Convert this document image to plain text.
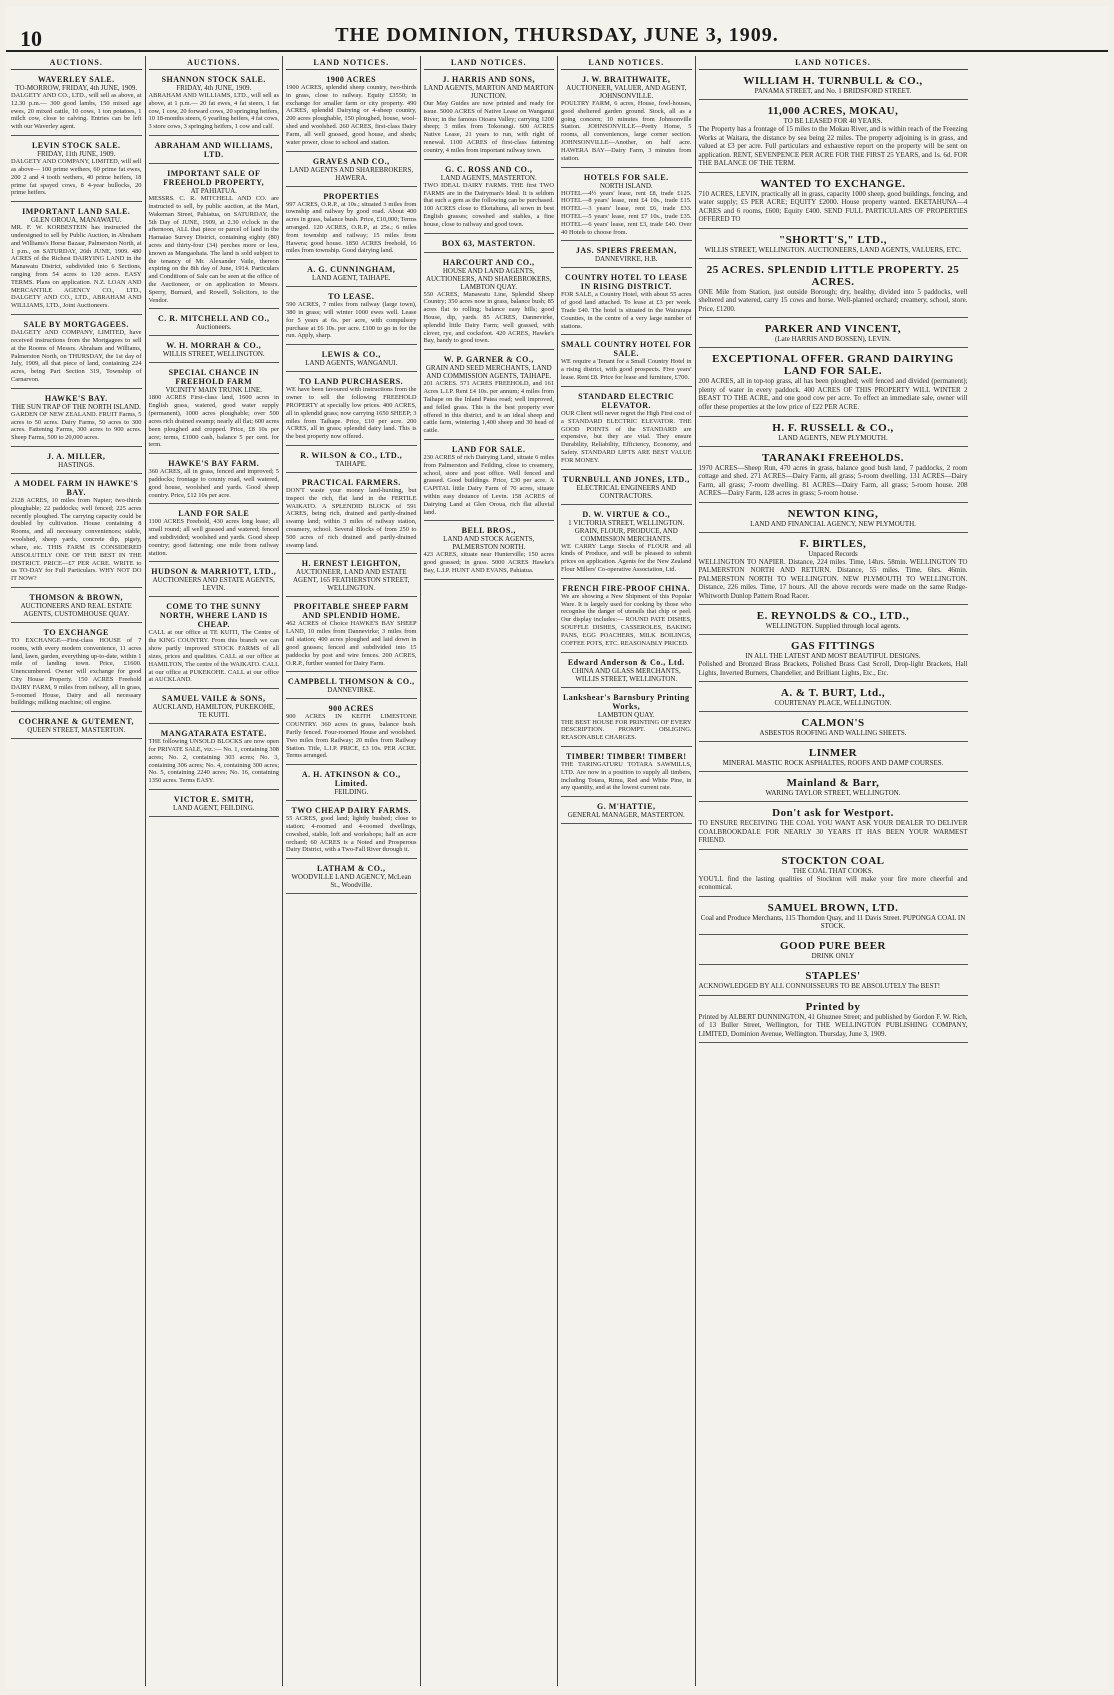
10	THE DOMINION, THURSDAY, JUNE 3, 1909.
AUCTIONS.
WAVERLEY SALE.
TO-MORROW, FRIDAY, 4th JUNE, 1909.
DALGETY AND CO., LTD., will sell as above, at 12.30 p.m.— 300 good lambs, 150 mixed age ewes, 20 mixed cattle, 10 cows, 1 ton potatoes, 1 milch cow, close to calving. Entries can be left with our Waverley agent.
LEVIN STOCK SALE.
FRIDAY, 11th JUNE, 1909.
DALGETY AND COMPANY, LIMITED, will sell as above— 100 prime wethers, 60 prime fat ewes, 200 2 and 4 tooth wethers, 40 prime heifers, 18 prime fat spayed cows, 8 4-year bullocks, 20 prime heifers.
IMPORTANT LAND SALE.
GLEN OROUA, MANAWATU.
MR. F. W. KORBESTEIN has instructed the undersigned to sell by Public Auction, in Abraham and Williams's Horse Bazaar, Palmerston North, at 1 p.m., on SATURDAY, 26th JUNE, 1909. 480 ACRES of the Richest DAIRYING LAND in the Manawatu District, subdivided into 6 Sections, ranging from 54 acres to 120 acres. EASY TERMS. Plans on application. N.Z. LOAN AND MERCANTILE AGENCY CO., LTD., DALGETY AND CO., LTD., ABRAHAM AND WILLIAMS, LTD., Joint Auctioneers.
SALE BY MORTGAGEES.
DALGETY AND COMPANY, LIMITED, have received instructions from the Mortgagees to sell at the Rooms of Messrs. Abraham and Williams, Palmerston North, on THURSDAY, the 1st day of July, 1909, all that piece of land, containing 224 acres, being Part Section 319, Township of Carnarvon.
HAWKE'S BAY.
THE SUN TRAP OF THE NORTH ISLAND.
GARDEN OF NEW ZEALAND. FRUIT Farms, 5 acres to 50 acres. Dairy Farms, 50 acres to 300 acres. Fattening Farms, 300 acres to 900 acres. Sheep Farms, 500 to 20,000 acres.
J. A. MILLER,
HASTINGS.
A MODEL FARM IN HAWKE'S BAY.
2128 ACRES, 10 miles from Napier; two-thirds ploughable; 22 paddocks; well fenced; 225 acres recently ploughed. The carrying capacity could be doubled by cultivation. House containing 8 Rooms, and all necessary conveniences; stable, woolshed, sheep yards, concrete dip, pigsty, whare, etc. THIS FARM IS CONSIDERED ABSOLUTELY ONE OF THE BEST IN THE DISTRICT. PRICE—£7 PER ACRE. WRITE to us TO-DAY for Full Particulars. WHY NOT DO IT NOW?
THOMSON & BROWN,
AUCTIONEERS AND REAL ESTATE AGENTS, CUSTOMHOUSE QUAY.
TO EXCHANGE
TO EXCHANGE—First-class HOUSE of 7 rooms, with every modern convenience, 11 acres land, lawn, garden, everything up-to-date, within 1 mile of landing town. Price, £1600. Unencumbered. Owner will exchange for good City House Property. 150 ACRES Freehold DAIRY FARM, 9 miles from railway, all in grass, 5-roomed House, Dairy and all necessary buildings; milking machine; oil engine.
COCHRANE & GUTEMENT,
QUEEN STREET, MASTERTON.
AUCTIONS.
SHANNON STOCK SALE.
FRIDAY, 4th JUNE, 1909.
ABRAHAM AND WILLIAMS, LTD., will sell as above, at 1 p.m.— 20 fat ewes, 4 fat steers, 1 fat cow, 1 cow, 20 forward cows, 20 springing heifers, 10 18-months steers, 6 yearling heifers, 4 fat cows, 3 store cows, 3 springing heifers, 1 cow and calf.
ABRAHAM AND WILLIAMS, LTD.
IMPORTANT SALE OF FREEHOLD PROPERTY,
AT PAHIATUA.
MESSRS. C. R. MITCHELL AND CO. are instructed to sell, by public auction, at the Mart, Wakeman Street, Pahiatua, on SATURDAY, the 5th Day of JUNE, 1909, at 2.30 o'clock in the afternoon, ALL that piece or parcel of land in the Hamaiao Survey District, containing eighty (80) acres and thirty-four (34) perches more or less, known as Mangaohaia. The land is sold subject to the tenancy of Mr. Alexander Vaile, thereon expiring on the 8th day of June, 1914. Particulars and Conditions of Sale can be seen at the office of the Auctioneer, or on application to Messrs. Sperry, Burnard, and Rowell, Solicitors, to the Vendor.
C. R. MITCHELL AND CO.,
Auctioneers.
W. H. MORRAH & CO.,
WILLIS STREET, WELLINGTON.
SPECIAL CHANCE IN FREEHOLD FARM
VICINITY MAIN TRUNK LINE.
1800 ACRES First-class land, 1600 acres in English grass, watered, good water supply (permanent), 1000 acres ploughable; over 500 acres rich drained swamp; nearly all flat; 600 acres been ploughed and cropped. Price, £8 10s per acre; terms, £1000 cash, balance 5 per cent. for term.
HAWKE'S BAY FARM.
360 ACRES, all in grass, fenced and improved; 5 paddocks; frontage to county road, well watered, good house, woolshed and yards. Good sheep country. Price, £12 10s per acre.
LAND FOR SALE
1100 ACRES Freehold, 430 acres long lease; all small round; all well grassed and watered; fenced and subdivided; woolshed and yards. Good sheep country; good fattening; one mile from railway station.
HUDSON & MARRIOTT, LTD.,
AUCTIONEERS AND ESTATE AGENTS, LEVIN.
COME TO THE SUNNY NORTH, WHERE LAND IS CHEAP.
CALL at our office at TE KUITI, The Centre of the KING COUNTRY. From this branch we can show partly improved STOCK FARMS of all sizes, prices and qualities. CALL at our office at HAMILTON, The centre of the WAIKATO. CALL at our office at PUKEKOHE. CALL at our office at AUCKLAND.
SAMUEL VAILE & SONS,
AUCKLAND, HAMILTON, PUKEKOHE, TE KUITI.
MANGATARATA ESTATE.
THE following UNSOLD BLOCKS are now open for PRIVATE SALE, viz.:— No. 1, containing 308 acres; No. 2, containing 303 acres; No. 3, containing 306 acres; No. 4, containing 300 acres; No. 5, containing 2240 acres; No. 16, containing 1350 acres. Terms EASY.
VICTOR E. SMITH,
LAND AGENT, FEILDING.
LAND NOTICES.
1900 ACRES
1900 ACRES, splendid sheep country, two-thirds in grass, close to railway. Equity £3550; in exchange for smaller farm or city property. 490 ACRES, splendid Dairying or 4-sheep country, 200 acres ploughable, 150 ploughed, house, wool-shed and woolshed. 260 ACRES, first-class Dairy Farm, all well grassed, good house, and sheds; water power, close to school and station.
GRAVES AND CO.,
LAND AGENTS AND SHAREBROKERS, HAWERA.
PROPERTIES
997 ACRES, O.R.P., at 10s.; situated 3 miles from township and railway by good road. About 400 acres in grass, balance bush. Price, £10,000; Terms arranged. 120 ACRES, O.R.P., at 25s.; 6 miles from township and railway; 15 miles from Hawera; good house. 1850 ACRES freehold, 16 miles from township. Good dairying land.
A. G. CUNNINGHAM,
LAND AGENT, TAIHAPE.
TO LEASE.
590 ACRES, 7 miles from railway (large town), 380 in grass; will winter 1000 ewes well. Lease for 5 years at 6s. per acre, with compulsory purchase at £6 10s. per acre. £100 to go in for the run. Apply, sharp.
LEWIS & CO.,
LAND AGENTS, WANGANUI.
TO LAND PURCHASERS.
WE have been favoured with instructions from the owner to sell the following FREEHOLD PROPERTY at specially low prices. 400 ACRES, all in splendid grass; now carrying 1650 SHEEP; 3 miles from Taihape. Price, £10 per acre. 200 ACRES, all in grass; splendid dairy land. This is the best property now offered.
R. WILSON & CO., LTD.,
TAIHAPE.
PRACTICAL FARMERS.
DON'T waste your money land-hunting, but inspect the rich, flat land in the FERTILE WAIKATO. A SPLENDID BLOCK of 591 ACRES, being rich, drained and partly-drained swamp land; within 3 miles of railway station, creamery, school. Several Blocks of from 250 to 500 acres of rich drained and partly-drained swamp land.
H. ERNEST LEIGHTON,
AUCTIONEER, LAND AND ESTATE AGENT, 165 FEATHERSTON STREET, WELLINGTON.
PROFITABLE SHEEP FARM AND SPLENDID HOME.
462 ACRES of Choice HAWKE'S BAY SHEEP LAND, 10 miles from Dannevirke; 3 miles from rail station; 400 acres ploughed and laid down in good grasses; fenced and subdivided into 15 paddocks by post and wire fences. 200 ACRES, O.R.P., further wanted for Dairy Farm.
CAMPBELL THOMSON & CO.,
DANNEVIRKE.
900 ACRES
900 ACRES IN KEITH LIMESTONE COUNTRY. 360 acres in grass, balance bush. Partly fenced. Four-roomed House and woolshed. Two miles from Railway; 20 miles from Railway Station. Title, L.I.P. PRICE, £3 10s. PER ACRE. Terms arranged.
A. H. ATKINSON & CO., Limited.
FEILDING.
TWO CHEAP DAIRY FARMS.
55 ACRES, good land; lightly bushed; close to station; 4-roomed and 4-roomed dwellings, cowshed, stable, loft and workshops; half an acre orchard; 60 ACRES is a Noted and Prosperous Dairy District, with a Two-Fall River through it.
LATHAM & CO.,
WOODVILLE LAND AGENCY, McLean St., Woodville.
LAND NOTICES.
J. HARRIS AND SONS,
LAND AGENTS, MARTON AND MARTON JUNCTION.
Our May Guides are now printed and ready for issue. 5000 ACRES of Native Lease on Wanganui River; in the famous Otoara Valley; carrying 1200 sheep; 3 miles from Tokorangi. 600 ACRES Native Lease, 21 years to run, with right of renewal. 1100 ACRES of first-class fattening country, 4 miles from important railway town.
G. C. ROSS AND CO.,
LAND AGENTS, MASTERTON.
TWO IDEAL DAIRY FARMS. THE first TWO FARMS are in the Dairyman's Ideal. It is seldom that such a gem as the following can be purchased. 100 ACRES close to Eketahuna, all sown in best English grasses; cowshed and stables, a fine house, close to railway and good town.
BOX 63, MASTERTON.
HARCOURT AND CO.,
HOUSE AND LAND AGENTS, AUCTIONEERS, AND SHAREBROKERS, LAMBTON QUAY.
550 ACRES, Manawatu Line, Splendid Sheep Country; 350 acres now in grass, balance bush; 85 acres flat to rolling; balance easy hills; good House, dip, yards. 85 ACRES, Dannevirke, splendid little Dairy Farm; well grassed, with clover, rye, and cocksfoot. 420 ACRES, Hawke's Bay, handy to good town.
W. P. GARNER & CO.,
GRAIN AND SEED MERCHANTS, LAND AND COMMISSION AGENTS, TAIHAPE.
201 ACRES. 571 ACRES FREEHOLD, and 161 Acres L.I.P. Rent £4 10s. per annum; 4 miles from Taihape on the Inland Patea road; well improved, and felled grass. This is the best property ever offered in this district, and is an ideal sheep and cattle farm, wintering 1,400 sheep and 30 head of cattle.
LAND FOR SALE.
230 ACRES of rich Dairying Land, situate 6 miles from Palmerston and Feilding, close to creamery, school, store and post office. Well fenced and grassed. Good buildings. Price, £30 per acre. A CAPITAL little Dairy Farm of 70 acres, situate within easy distance of Levin. 158 ACRES of Dairying Land at Glen Oroua, rich flat alluvial land.
BELL BROS.,
LAND AND STOCK AGENTS, PALMERSTON NORTH.
423 ACRES, situate near Hunterville; 150 acres good grassed; in grass. 5000 ACRES Hawke's Bay, L.I.P. HUNT AND EVANS, Pahiatua.
LAND NOTICES.
J. W. BRAITHWAITE,
AUCTIONEER, VALUER, AND AGENT, JOHNSONVILLE.
POULTRY FARM, 6 acres, House, fowl-houses, good sheltered garden ground. Stock, all as a going concern; 10 minutes from Johnsonville Station. JOHNSONVILLE—Pretty Home, 5 rooms, all conveniences, large corner section. JOHNSONVILLE—Another, on half acre. HAWERA BAY—Dairy Farm, 3 minutes from station.
HOTELS FOR SALE.
NORTH ISLAND.
HOTEL—4½ years' lease, rent £8, trade £125. HOTEL—8 years' lease, rent £4 10s., trade £15. HOTEL—3 years' lease, rent £6, trade £33. HOTEL—5 years' lease, rent £7 10s., trade £35. HOTEL—6 years' lease, rent £3, trade £40. Over 40 Hotels to choose from.
JAS. SPIERS FREEMAN,
DANNEVIRKE, H.B.
COUNTRY HOTEL TO LEASE IN RISING DISTRICT.
FOR SALE, a Country Hotel, with about 55 acres of good land attached. To lease at £3 per week. Trade £40. The hotel is situated in the Wairarapa Counties, in the centre of a very large number of stations.
SMALL COUNTRY HOTEL FOR SALE.
WE require a Tenant for a Small Country Hotel in a rising district, with good prospects. Five years' lease. Rent £8. Price for lease and furniture, £700.
STANDARD ELECTRIC ELEVATOR.
OUR Client will never regret the High First cost of a STANDARD ELECTRIC ELEVATOR. THE GOOD POINTS of the STANDARD are expensive, but they are vital. They ensure Durability, Reliability, Efficiency, Economy, and Safety. STANDARD LIFTS ARE BEST VALUE FOR MONEY.
TURNBULL AND JONES, LTD.,
ELECTRICAL ENGINEERS AND CONTRACTORS.
D. W. VIRTUE & CO.,
1 VICTORIA STREET, WELLINGTON. GRAIN, FLOUR, PRODUCE, AND COMMISSION MERCHANTS.
WE CARRY Large Stocks of FLOUR and all kinds of Produce, and will be pleased to submit prices on application. Agents for the New Zealand Flour Millers' Co-operative Association, Ltd.
FRENCH FIRE-PROOF CHINA.
We are showing a New Shipment of this Popular Ware. It is largely used for cooking by those who recognise the danger of utensils that chip or peel. Our display includes:— ROUND PATE DISHES, SOUFFLE DISHES, CASSEROLES, BAKING PANS, EGG POACHERS, MILK BOILINGS, COFFEE POTS, ETC. REASONABLY PRICED.
Edward Anderson & Co., Ltd.
CHINA AND GLASS MERCHANTS, WILLIS STREET, WELLINGTON.
Lankshear's Barnsbury Printing Works,
LAMBTON QUAY.
THE BEST HOUSE FOR PRINTING OF EVERY DESCRIPTION. PROMPT. OBLIGING. REASONABLE CHARGES.
TIMBER! TIMBER! TIMBER!
THE TARINGATURU TOTARA SAWMILLS, LTD. Are now in a position to supply all timbers, including Totara, Rimu, Red and White Pine, in any quantity, and at the lowest current rate.
G. M'HATTIE,
GENERAL MANAGER, MASTERTON.
LAND NOTICES.
WILLIAM H. TURNBULL & CO.,
PANAMA STREET, and No. 1 BRIDSFORD STREET.
11,000 ACRES, MOKAU,
TO BE LEASED FOR 40 YEARS.
The Property has a frontage of 15 miles to the Mokau River, and is within reach of the Freezing Works at Waitara, the distance by sea being 22 miles. The property adjoining is in grass, and valued at £3 per acre. Full particulars and exhaustive report on the property will be sent on application. RENT, SEVENPENCE PER ACRE FOR THE FIRST 25 YEARS, and 1s. 6d. FOR THE BALANCE OF THE TERM.
WANTED TO EXCHANGE.
710 ACRES, LEVIN, practically all in grass, capacity 1000 sheep, good buildings, fencing, and water supply; £5 PER ACRE; EQUITY £2000. House property wanted. EKETAHUNA—4 ACRES and 6 rooms, £600; Equity £400. SEND FULL PARTICULARS OF PROPERTIES OFFERED TO
"SHORTT'S," LTD.,
WILLIS STREET, WELLINGTON. AUCTIONEERS, LAND AGENTS, VALUERS, ETC.
25 ACRES. SPLENDID LITTLE PROPERTY. 25 ACRES.
ONE Mile from Station, just outside Borough; dry, healthy, divided into 5 paddocks, well sheltered and watered, carry 15 cows and horse. Well-planted orchard; creamery, school, store. Price, £1200.
PARKER AND VINCENT,
(Late HARRIS AND BOSSEN), LEVIN.
EXCEPTIONAL OFFER. GRAND DAIRYING LAND FOR SALE.
200 ACRES, all in top-top grass, all has been ploughed; well fenced and divided (permanent); plenty of water in every paddock. 400 ACRES OF THIS PROPERTY WILL WINTER 2 BEAST TO THE ACRE, and one good cow per acre. To effect an immediate sale, owner will offer these properties at the low price of £22 PER ACRE.
H. F. RUSSELL & CO.,
LAND AGENTS, NEW PLYMOUTH.
TARANAKI FREEHOLDS.
1970 ACRES—Sheep Run, 470 acres in grass, balance good bush land, 7 paddocks, 2 room cottage and shed. 271 ACRES—Dairy Farm, all grass; 5-room dwelling. 131 ACRES—Dairy Farm, all grass; 7-room dwelling. 81 ACRES—Dairy Farm, all grass; 5-room house. 208 ACRES—Dairy Farm, 128 acres in grass; 5-room house.
NEWTON KING,
LAND AND FINANCIAL AGENCY, NEW PLYMOUTH.
F. BIRTLES,
Unpaced Records
WELLINGTON TO NAPIER. Distance, 224 miles. Time, 14hrs. 58min. WELLINGTON TO PALMERSTON NORTH AND RETURN. Distance, 55 miles. Time, 6hrs. 46min. PALMERSTON NORTH TO WELLINGTON. NEW PLYMOUTH TO WELLINGTON. Distance, 226 miles. Time, 17 hours. All the above records were made on the same Rudge-Whitworth Dunlop Pattern Road Racer.
E. REYNOLDS & CO., LTD.,
WELLINGTON. Supplied through local agents.
GAS FITTINGS
IN ALL THE LATEST AND MOST BEAUTIFUL DESIGNS.
Polished and Bronzed Brass Brackets, Polished Brass Cast Scroll, Drop-light Brackets, Hall Lights, Inverted Burners, Chandelier, and Brilliant Lights, Etc., Etc.
A. & T. BURT, Ltd.,
COURTENAY PLACE, WELLINGTON.
CALMON'S
ASBESTOS ROOFING AND WALLING SHEETS.
LINMER
MINERAL MASTIC ROCK ASPHALTES, ROOFS AND DAMP COURSES.
Mainland & Barr,
WARING TAYLOR STREET, WELLINGTON.
Don't ask for Westport.
TO ENSURE RECEIVING THE COAL YOU WANT ASK YOUR DEALER TO DELIVER COALBROOKDALE FOR NEARLY 30 YEARS IT HAS BEEN YOUR WARMEST FRIEND.
STOCKTON COAL
THE COAL THAT COOKS.
YOU'LL find the lasting qualities of Stockton will make your fire more cheerful and economical.
SAMUEL BROWN, LTD.
Coal and Produce Merchants, 115 Thorndon Quay, and 11 Davis Street. PUPONGA COAL IN STOCK.
GOOD PURE BEER
DRINK ONLY
STAPLES'
ACKNOWLEDGED BY ALL CONNOISSEURS TO BE ABSOLUTELY The BEST!
Printed by
Printed by ALBERT DUNNINGTON, 41 Ghuznee Street; and published by Gordon F. W. Rich, of 13 Buller Street, Wellington, for THE WELLINGTON PUBLISHING COMPANY, LIMITED, Dominion Avenue, Wellington. Thursday, June 3, 1909.
